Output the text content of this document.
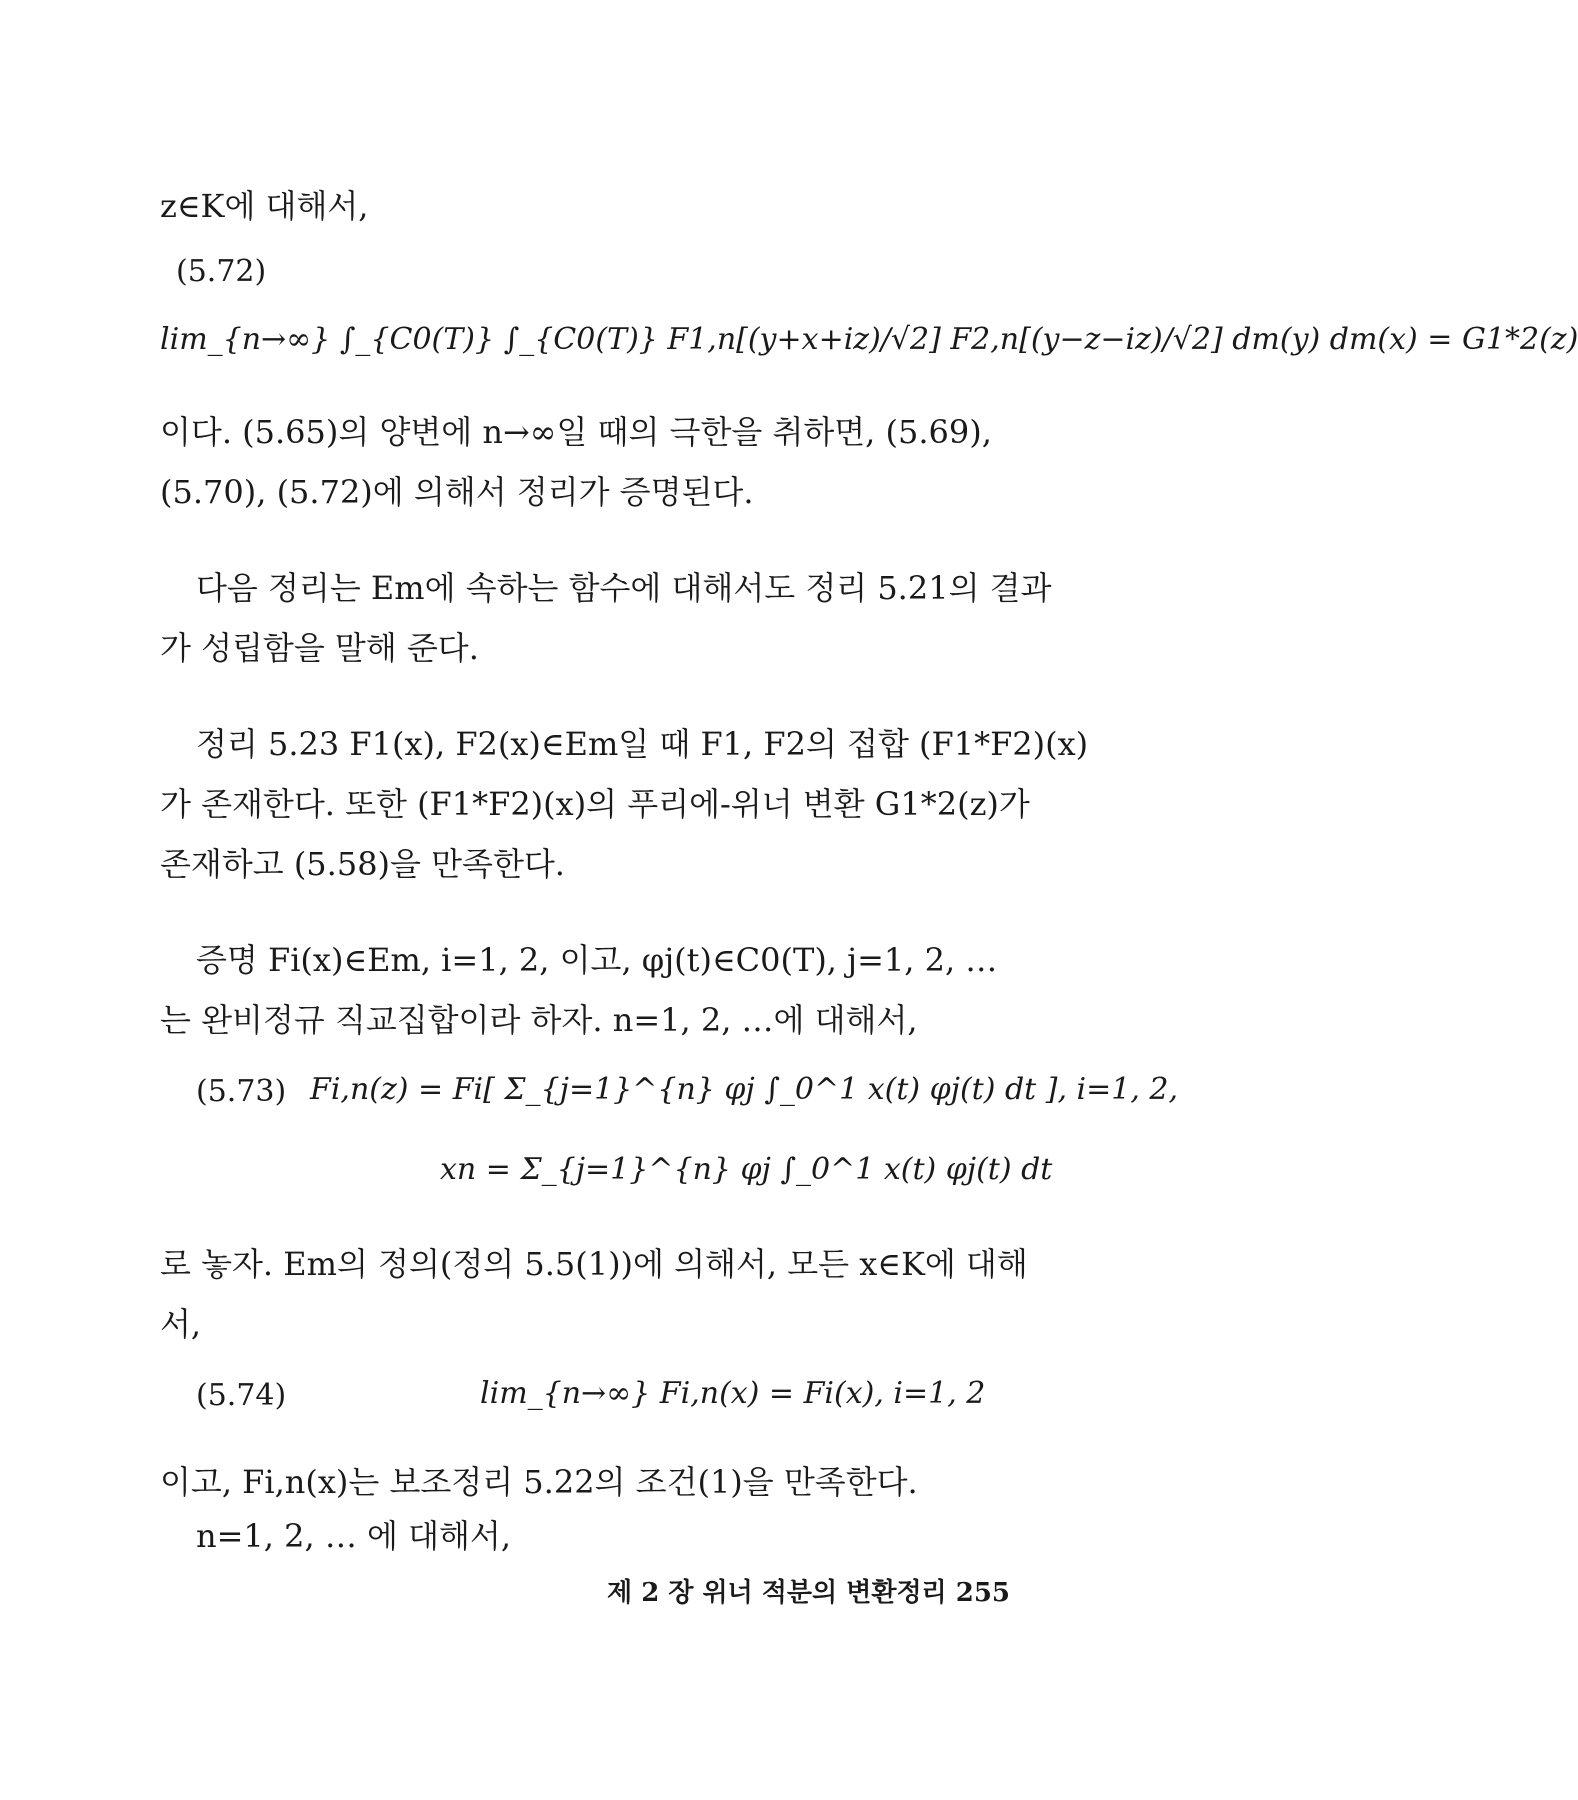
z∈K에 대해서,
(5.72)
lim_{n→∞} ∫_{C0(T)} ∫_{C0(T)} F1,n[(y+x+iz)/√2] F2,n[(y−z−iz)/√2] dm(y) dm(x) = G1*2(z)
이다. (5.65)의 양변에 n→∞일 때의 극한을 취하면, (5.69),
(5.70), (5.72)에 의해서 정리가 증명된다.
다음 정리는 Em에 속하는 함수에 대해서도 정리 5.21의 결과
가 성립함을 말해 준다.
정리 5.23 F1(x), F2(x)∈Em일 때 F1, F2의 접합 (F1*F2)(x)
가 존재한다. 또한 (F1*F2)(x)의 푸리에-위너 변환 G1*2(z)가
존재하고 (5.58)을 만족한다.
증명 Fi(x)∈Em, i=1, 2, 이고, φj(t)∈C0(T), j=1, 2, …
는 완비정규 직교집합이라 하자. n=1, 2, …에 대해서,
(5.73) Fi,n(z) = Fi[ Σ_{j=1}^{n} φj ∫_0^1 x(t) φj(t) dt ], i=1, 2,
xn = Σ_{j=1}^{n} φj ∫_0^1 x(t) φj(t) dt
로 놓자. Em의 정의(정의 5.5(1))에 의해서, 모든 x∈K에 대해
서,
(5.74)	lim_{n→∞} Fi,n(x) = Fi(x), i=1, 2
이고, Fi,n(x)는 보조정리 5.22의 조건(1)을 만족한다.
n=1, 2, … 에 대해서,
제 2 장 위너 적분의 변환정리 255
